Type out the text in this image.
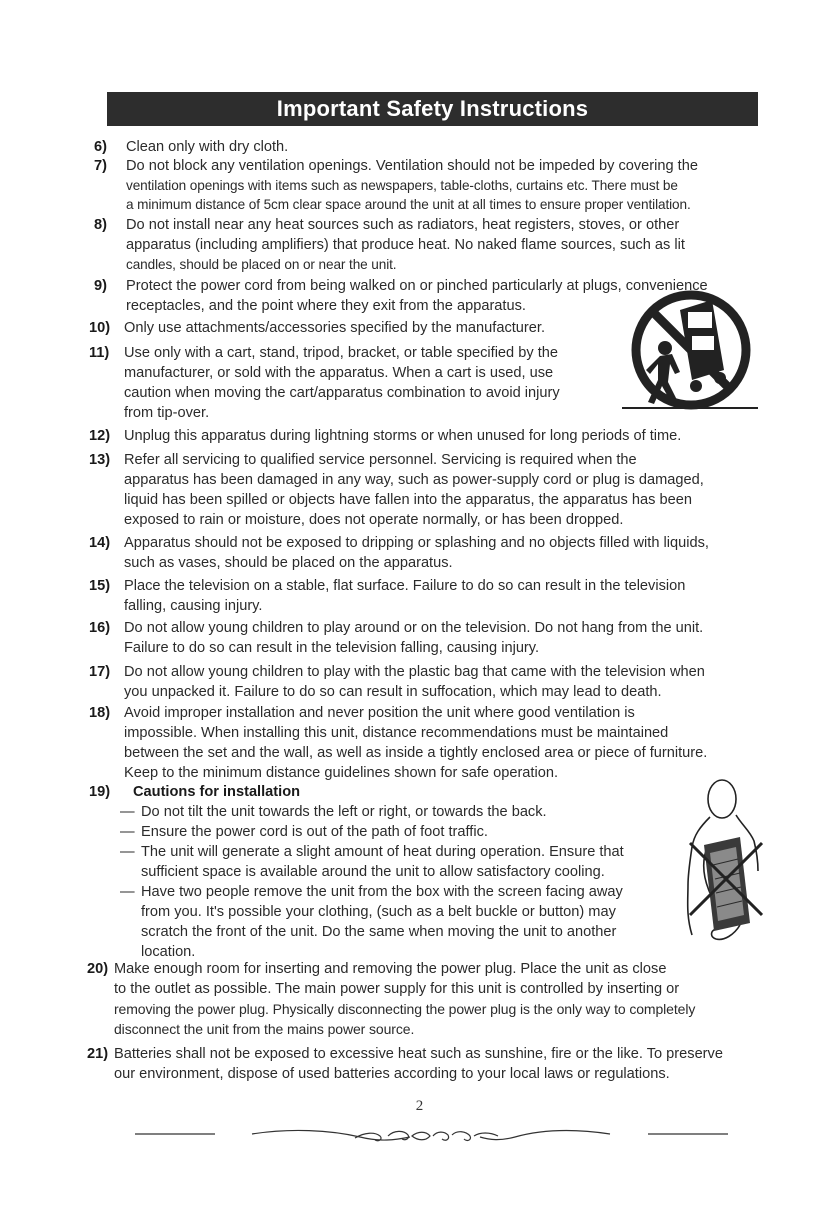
Important Safety Instructions
6) Clean only with dry cloth.
7) Do not block any ventilation openings. Ventilation should not be impeded by covering the
ventilation openings with items such as newspapers, table-cloths, curtains etc. There must be
a minimum distance of 5cm clear space around the unit at all times to ensure proper ventilation.
8) Do not install near any heat sources such as radiators, heat registers, stoves, or other
apparatus (including amplifiers) that produce heat. No naked flame sources, such as lit
candles, should be placed on or near the unit.
9) Protect the power cord from being walked on or pinched particularly at plugs, convenience
receptacles, and the point where they exit from the apparatus.
10) Only use attachments/accessories specified by the manufacturer.
11) Use only with a cart, stand, tripod, bracket, or table specified by the
manufacturer, or sold with the apparatus. When a cart is used, use
caution when moving the cart/apparatus combination to avoid injury
from tip-over.
12) Unplug this apparatus during lightning storms or when unused for long periods of time.
13) Refer all servicing to qualified service personnel. Servicing is required when the
apparatus has been damaged in any way, such as power-supply cord or plug is damaged,
liquid has been spilled or objects have fallen into the apparatus, the apparatus has been
exposed to rain or moisture, does not operate normally, or has been dropped.
14) Apparatus should not be exposed to dripping or splashing and no objects filled with liquids,
such as vases, should be placed on the apparatus.
15) Place the television on a stable, flat surface. Failure to do so can result in the television
falling, causing injury.
16) Do not allow young children to play around or on the television. Do not hang from the unit.
Failure to do so can result in the television falling, causing injury.
17) Do not allow young children to play with the plastic bag that came with the television when
you unpacked it. Failure to do so can result in suffocation, which may lead to death.
18) Avoid improper installation and never position the unit where good ventilation is
impossible. When installing this unit, distance recommendations must be maintained
between the set and the wall, as well as inside a tightly enclosed area or piece of furniture.
Keep to the minimum distance guidelines shown for safe operation.
19) Cautions for installation
— Do not tilt the unit towards the left or right, or towards the back.
— Ensure the power cord is out of the path of foot traffic.
— The unit will generate a slight amount of heat during operation. Ensure that
sufficient space is available around the unit to allow satisfactory cooling.
— Have two people remove the unit from the box with the screen facing away
from you. It's possible your clothing, (such as a belt buckle or button) may
scratch the front of the unit. Do the same when moving the unit to another
location.
20) Make enough room for inserting and removing the power plug. Place the unit as close
to the outlet as possible. The main power supply for this unit is controlled by inserting or
removing the power plug. Physically disconnecting the power plug is the only way to completely
disconnect the unit from the mains power source.
21) Batteries shall not be exposed to excessive heat such as sunshine, fire or the like. To preserve
our environment, dispose of used batteries according to your local laws or regulations.
2
